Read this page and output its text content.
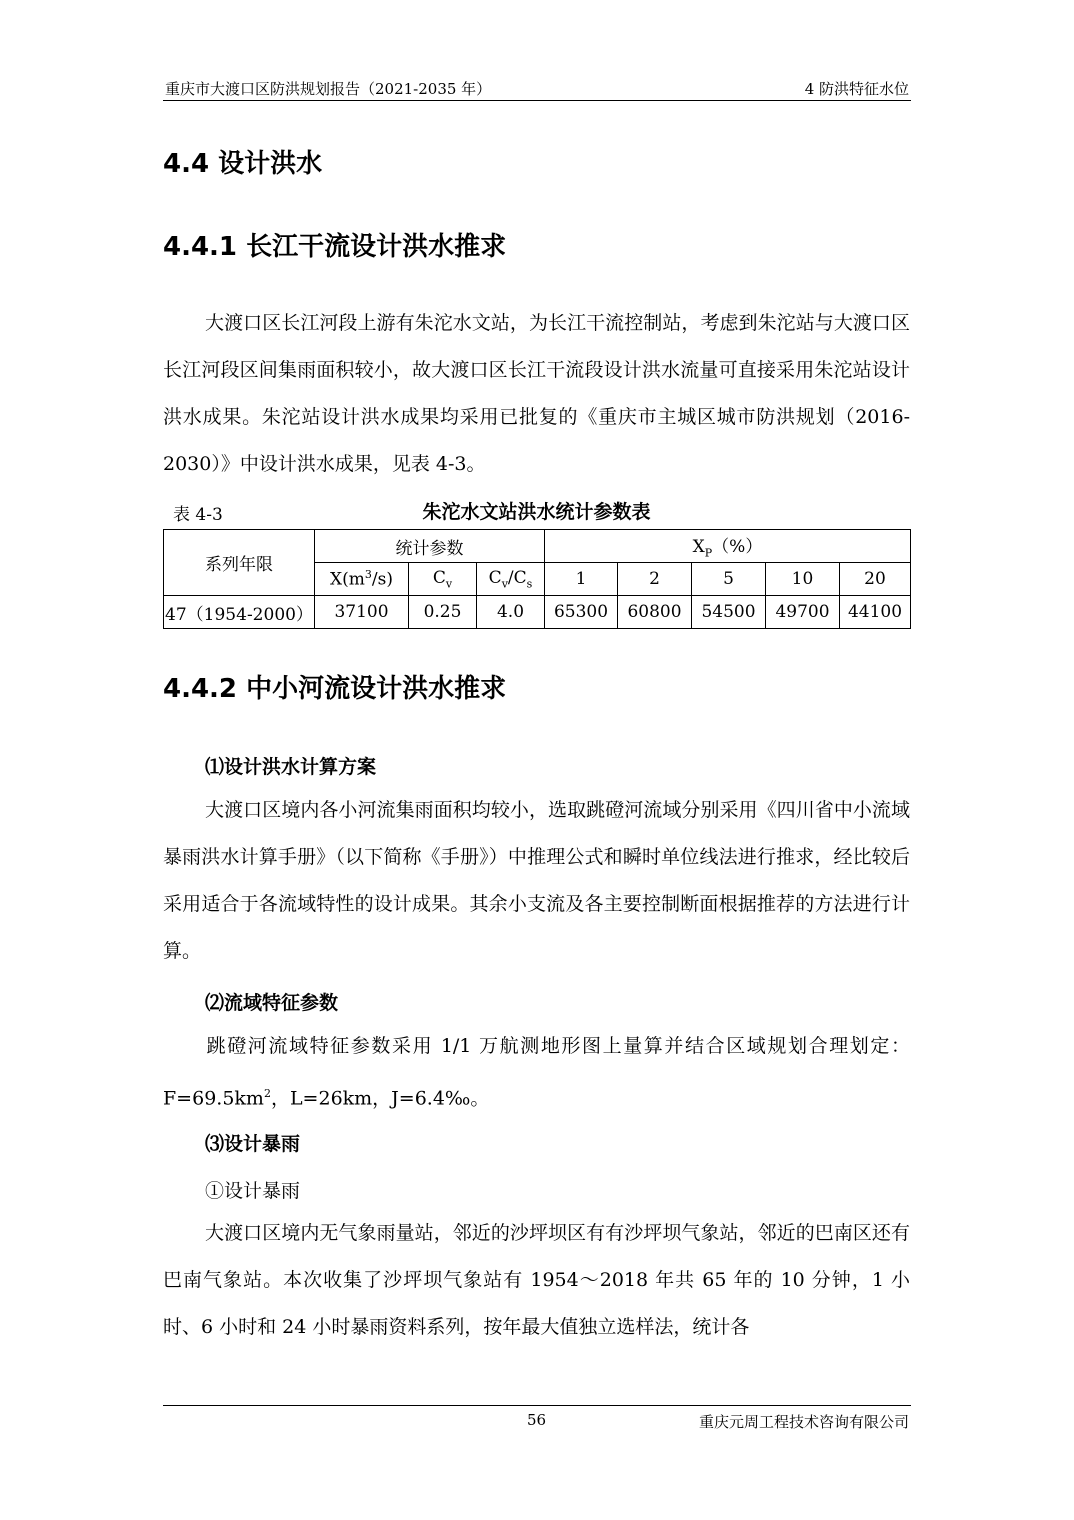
重庆市大渡口区防洪规划报告（2021-2035 年）	4 防洪特征水位
4.4 设计洪水
4.4.1 长江干流设计洪水推求

大渡口区长江河段上游有朱沱水文站，为长江干流控制站，考虑到朱沱站与大渡口区长江河段区间集雨面积较小，故大渡口区长江干流段设计洪水流量可直接采用朱沱站设计洪水成果。朱沱站设计洪水成果均采用已批复的《重庆市主城区城市防洪规划（2016-2030）》中设计洪水成果，见表 4-3。

表 4-3	朱沱水文站洪水统计参数表
系列年限	统计参数			$X_P(\%)$				
	$X(m^3/s)$	$C_v$	$C_v/C_s$	1	2	5	10	20
47（1954-2000）	37100	0.25	4.0	65300	60800	54500	49700	44100
4.4.2 中小河流设计洪水推求

⑴设计洪水计算方案

大渡口区境内各小河流集雨面积均较小，选取跳磴河流域分别采用《四川省中小流域暴雨洪水计算手册》（以下简称《手册》）中推理公式和瞬时单位线法进行推求，经比较后采用适合于各流域特性的设计成果。其余小支流及各主要控制断面根据推荐的方法进行计算。

⑵流域特征参数

跳磴河流域特征参数采用 1/1 万航测地形图上量算并结合区域规划合理划定：$F=69.5km^2$，L=26km，J=6.4‰。

⑶设计暴雨

①设计暴雨

大渡口区境内无气象雨量站，邻近的沙坪坝区有有沙坪坝气象站，邻近的巴南区还有巴南气象站。本次收集了沙坪坝气象站有 1954～2018 年共 65 年的 10 分钟，1 小时、6 小时和 24 小时暴雨资料系列，按年最大值独立选样法，统计各

56	重庆元周工程技术咨询有限公司
